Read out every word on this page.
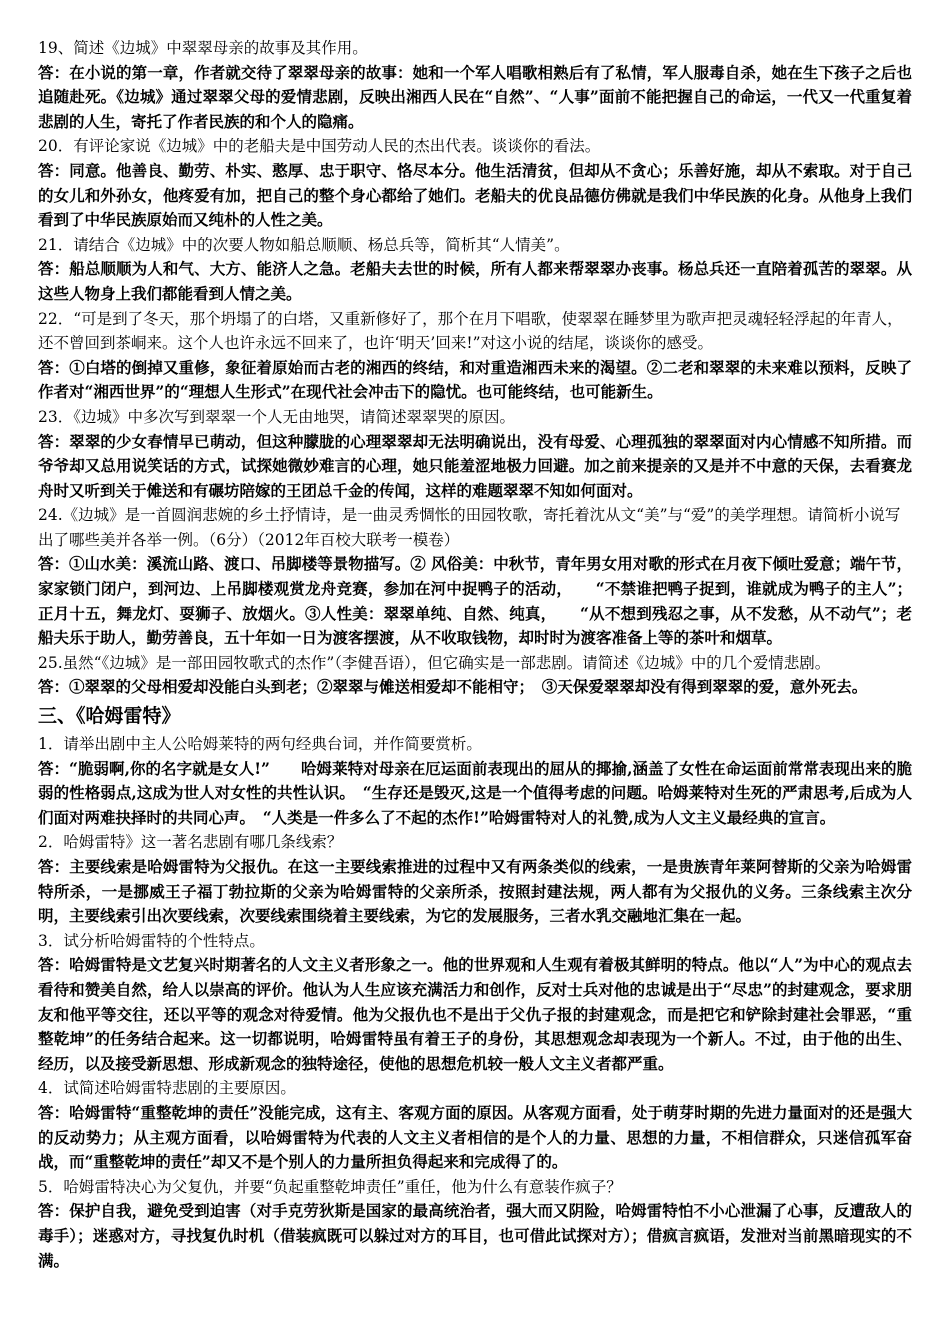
19、简述《边城》中翠翠母亲的故事及其作用。

答：在小说的第一章，作者就交待了翠翠母亲的故事：她和一个军人唱歌相熟后有了私情，军人服毒自杀，她在生下孩子之后也追随赴死。《边城》通过翠翠父母的爱情悲剧，反映出湘西人民在“自然”、“人事”面前不能把握自己的命运，一代又一代重复着悲剧的人生，寄托了作者民族的和个人的隐痛。

20．有评论家说《边城》中的老船夫是中国劳动人民的杰出代表。谈谈你的看法。

答：同意。他善良、勤劳、朴实、憨厚、忠于职守、恪尽本分。他生活清贫，但却从不贪心；乐善好施，却从不索取。对于自己的女儿和外孙女，他疼爱有加，把自己的整个身心都给了她们。老船夫的优良品德仿佛就是我们中华民族的化身。从他身上我们看到了中华民族原始而又纯朴的人性之美。

21．请结合《边城》中的次要人物如船总顺顺、杨总兵等，简析其“人情美”。

答：船总顺顺为人和气、大方、能济人之急。老船夫去世的时候，所有人都来帮翠翠办丧事。杨总兵还一直陪着孤苦的翠翠。从这些人物身上我们都能看到人情之美。

22．“可是到了冬天，那个坍塌了的白塔，又重新修好了，那个在月下唱歌，使翠翠在睡梦里为歌声把灵魂轻轻浮起的年青人，还不曾回到茶峒来。这个人也许永远不回来了，也许‘明天’回来!”对这小说的结尾，谈谈你的感受。

答：①白塔的倒掉又重修，象征着原始而古老的湘西的终结，和对重造湘西未来的渴望。②二老和翠翠的未来难以预料，反映了作者对“湘西世界”的“理想人生形式”在现代社会冲击下的隐忧。也可能终结，也可能新生。

23．《边城》中多次写到翠翠一个人无由地哭，请简述翠翠哭的原因。

答：翠翠的少女春情早已萌动，但这种朦胧的心理翠翠却无法明确说出，没有母爱、心理孤独的翠翠面对内心情感不知所措。而爷爷却又总用说笑话的方式，试探她微妙难言的心理，她只能羞涩地极力回避。加之前来提亲的又是并不中意的天保，去看赛龙舟时又听到关于傩送和有碾坊陪嫁的王团总千金的传闻，这样的难题翠翠不知如何面对。

24.《边城》是一首圆润悲婉的乡土抒情诗，是一曲灵秀惆怅的田园牧歌，寄托着沈从文“美”与“爱”的美学理想。请简析小说写出了哪些美并各举一例。（6分）（2012年百校大联考一模卷）

答：①山水美：溪流山路、渡口、吊脚楼等景物描写。② 风俗美：中秋节，青年男女用对歌的形式在月夜下倾吐爱意；端午节，家家锁门闭户，到河边、上吊脚楼观赏龙舟竞赛，参加在河中捉鸭子的活动，　　“不禁谁把鸭子捉到，谁就成为鸭子的主人”；正月十五，舞龙灯、耍狮子、放烟火。③人性美：翠翠单纯、自然、纯真，　　“从不想到残忍之事，从不发愁，从不动气”；老船夫乐于助人，勤劳善良，五十年如一日为渡客摆渡，从不收取钱物，却时时为渡客准备上等的茶叶和烟草。

25.虽然“《边城》是一部田园牧歌式的杰作”（李健吾语），但它确实是一部悲剧。请简述《边城》中的几个爱情悲剧。

答：①翠翠的父母相爱却没能白头到老；②翠翠与傩送相爱却不能相守；　③天保爱翠翠却没有得到翠翠的爱，意外死去。

三、《哈姆雷特》

1．请举出剧中主人公哈姆莱特的两句经典台词，并作简要赏析。

答：“脆弱啊,你的名字就是女人!”　　哈姆莱特对母亲在厄运面前表现出的屈从的揶揄,涵盖了女性在命运面前常常表现出来的脆弱的性格弱点,这成为世人对女性的共性认识。　“生存还是毁灭,这是一个值得考虑的问题。哈姆莱特对生死的严肃思考,后成为人们面对两难抉择时的共同心声。　“人类是一件多么了不起的杰作!”哈姆雷特对人的礼赞,成为人文主义最经典的宣言。

2．哈姆雷特》这一著名悲剧有哪几条线索？

答：主要线索是哈姆雷特为父报仇。在这一主要线索推进的过程中又有两条类似的线索，一是贵族青年莱阿替斯的父亲为哈姆雷特所杀，一是挪威王子福丁勃拉斯的父亲为哈姆雷特的父亲所杀，按照封建法规，两人都有为父报仇的义务。三条线索主次分明，主要线索引出次要线索，次要线索围绕着主要线索，为它的发展服务，三者水乳交融地汇集在一起。

3．试分析哈姆雷特的个性特点。

答：哈姆雷特是文艺复兴时期著名的人文主义者形象之一。他的世界观和人生观有着极其鲜明的特点。他以“人”为中心的观点去看待和赞美自然，给人以崇高的评价。他认为人生应该充满活力和创作，反对士兵对他的忠诚是出于“尽忠”的封建观念，要求朋友和他平等交往，还以平等的观念对待爱情。他为父报仇也不是出于父仇子报的封建观念，而是把它和铲除封建社会罪恶，“重整乾坤”的任务结合起来。这一切都说明，哈姆雷特虽有着王子的身份，其思想观念却表现为一个新人。不过，由于他的出生、经历，以及接受新思想、形成新观念的独特途径，使他的思想危机较一般人文主义者都严重。

4．试简述哈姆雷特悲剧的主要原因。

答：哈姆雷特“重整乾坤的责任”没能完成，这有主、客观方面的原因。从客观方面看，处于萌芽时期的先进力量面对的还是强大的反动势力；从主观方面看，以哈姆雷特为代表的人文主义者相信的是个人的力量、思想的力量，不相信群众，只迷信孤军奋战，而“重整乾坤的责任”却又不是个别人的力量所担负得起来和完成得了的。

5．哈姆雷特决心为父复仇，并要“负起重整乾坤责任”重任，他为什么有意装作疯子？

答：保护自我，避免受到迫害（对手克劳狄斯是国家的最高统治者，强大而又阴险，哈姆雷特怕不小心泄漏了心事，反遭敌人的毒手）；迷惑对方，寻找复仇时机（借装疯既可以躲过对方的耳目，也可借此试探对方）；借疯言疯语，发泄对当前黑暗现实的不满。
